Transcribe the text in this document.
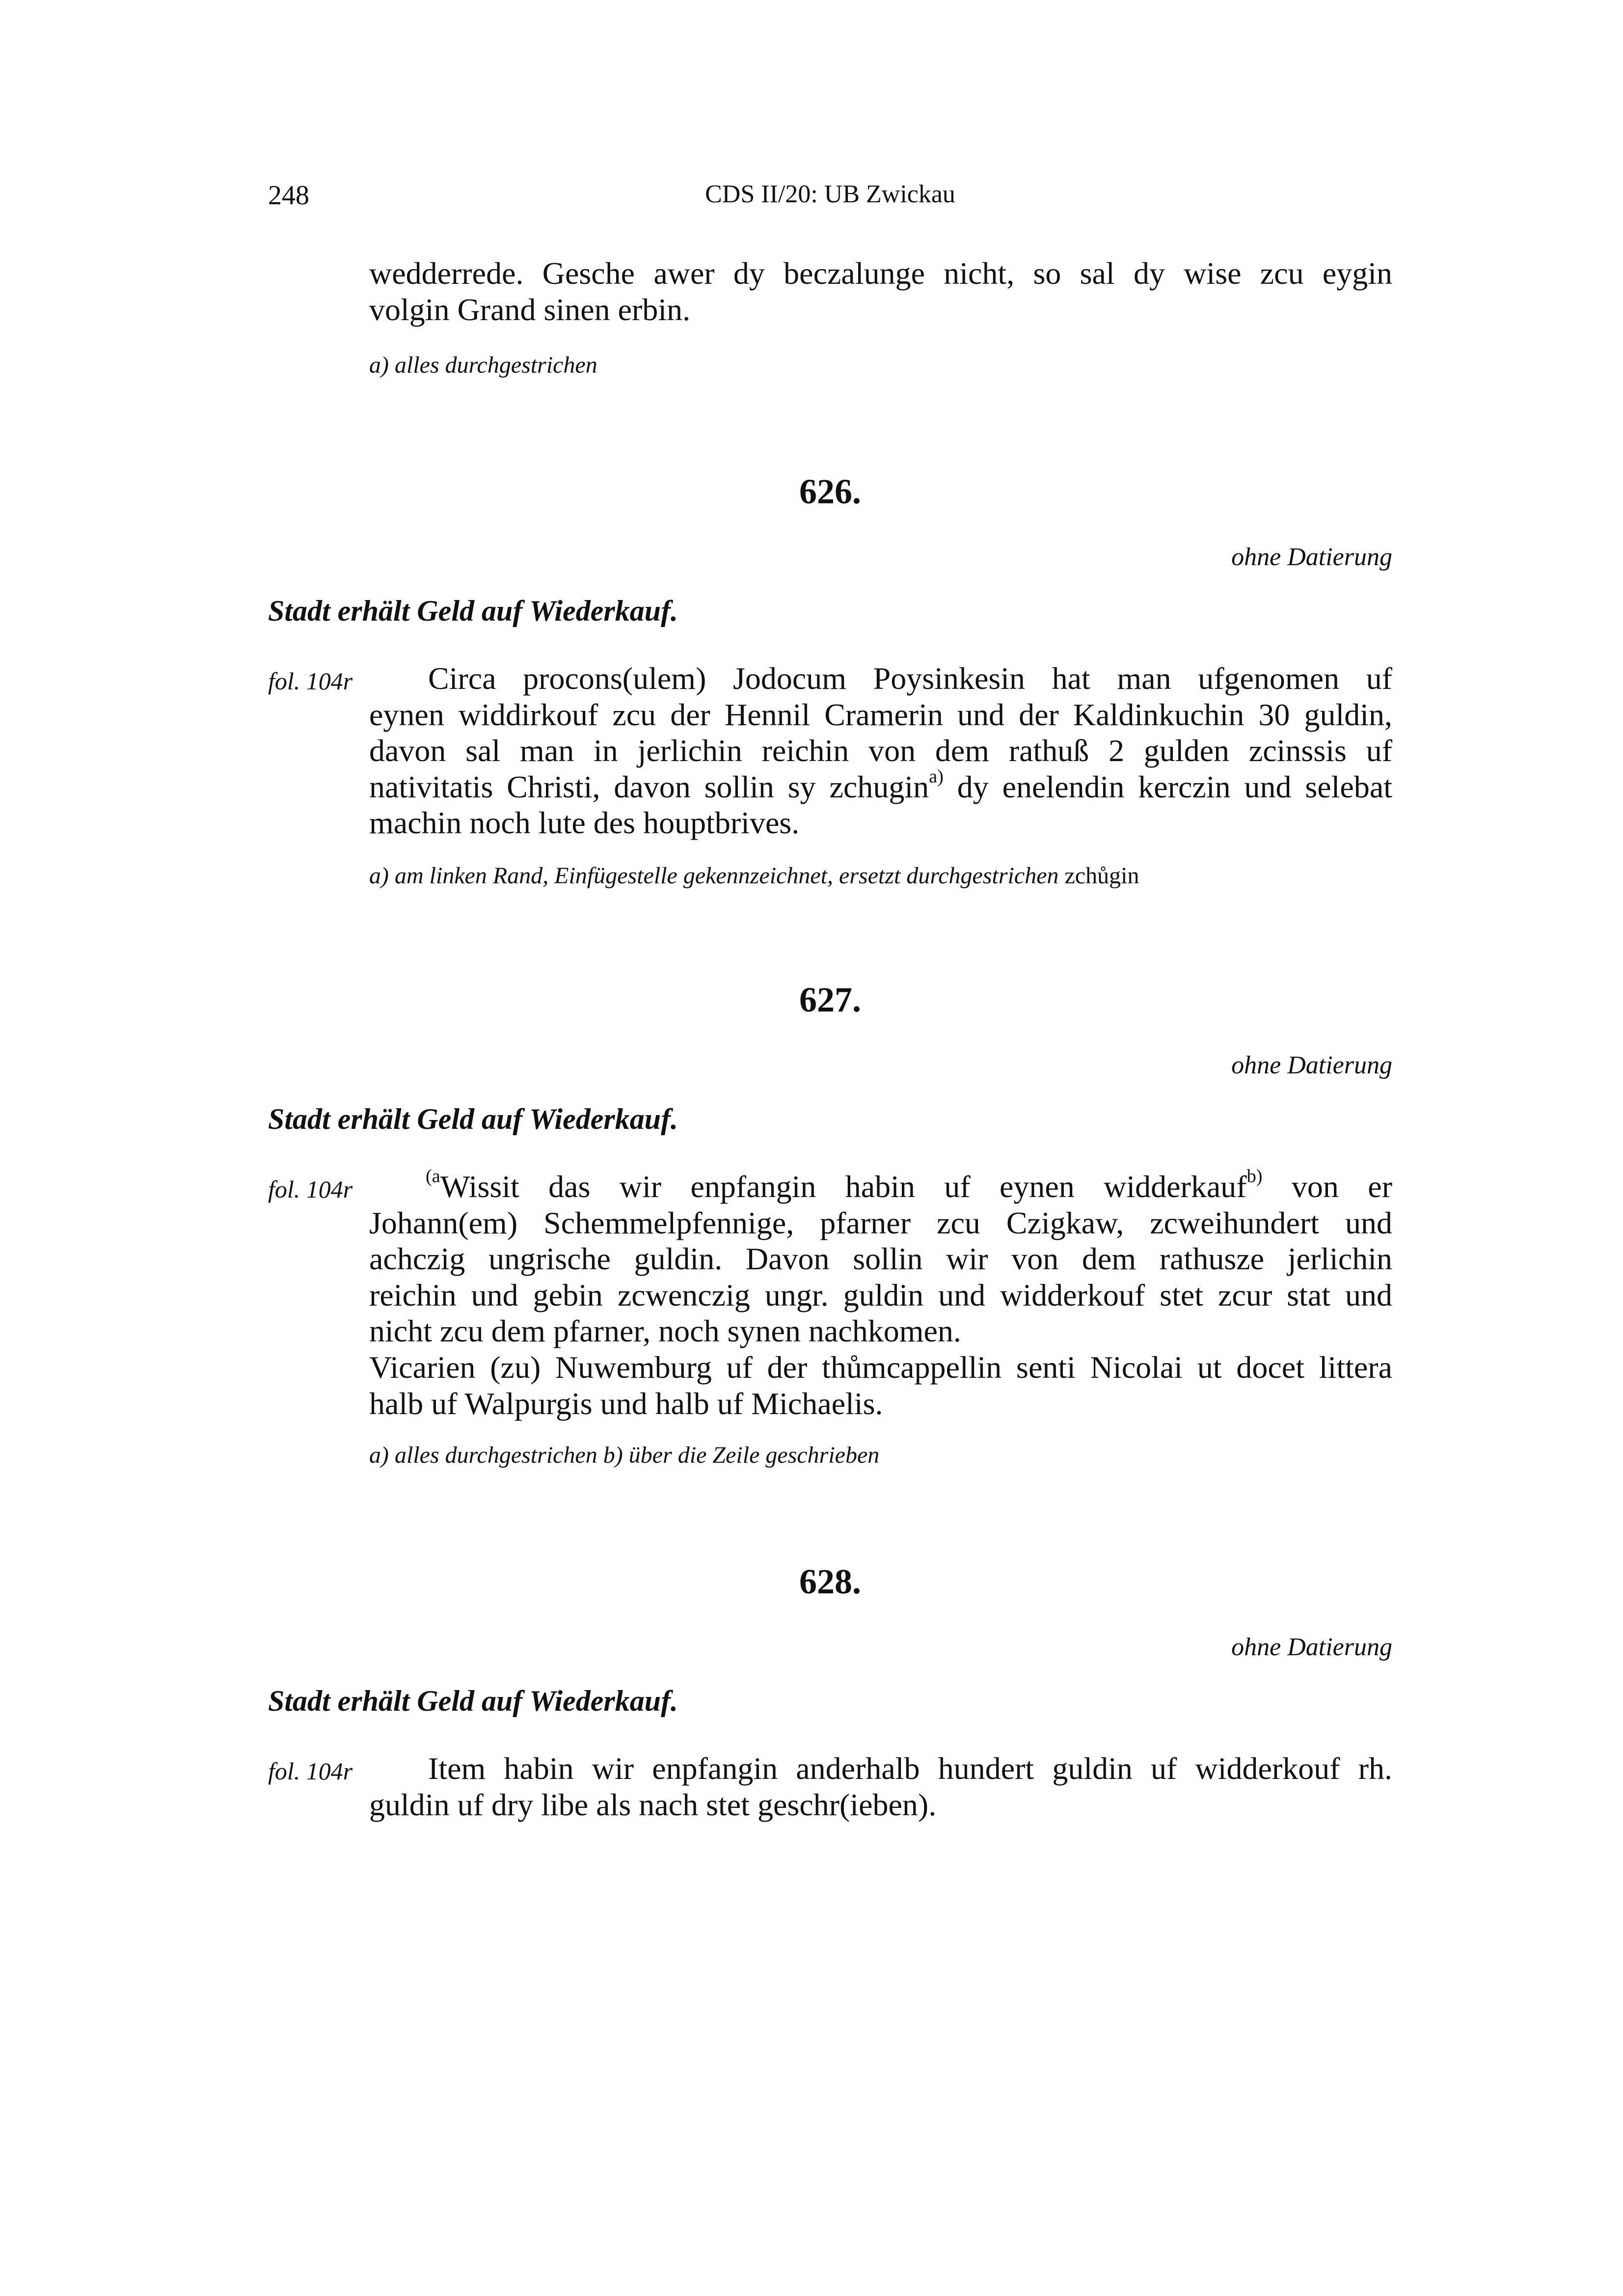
248	CDS II/20: UB Zwickau

wedderrede. Gesche awer dy beczalunge nicht, so sal dy wise zcu eygin
volgin Grand sinen erbin.

a) alles durchgestrichen

626.
ohne Datierung
Stadt erhält Geld auf Wiederkauf.
fol. 104r	Circa procons(ulem) Jodocum Poysinkesin hat man ufgenomen uf
eynen widdirkouf zcu der Hennil Cramerin und der Kaldinkuchin 30 guldin,
davon sal man in jerlichin reichin von dem rathuß 2 gulden zcinssis uf
nativitatis Christi, davon sollin sy zchugin$^{a)}$ dy enelendin kerczin und selebat
machin noch lute des houptbrives.

a) am linken Rand, Einfügestelle gekennzeichnet, ersetzt durchgestrichen zchůgin

627.
ohne Datierung
Stadt erhält Geld auf Wiederkauf.
fol. 104r	$^{(a}$Wissit das wir enpfangin habin uf eynen widderkauf$^{b)}$ von er
Johann(em) Schemmelpfennige, pfarner zcu Czigkaw, zcweihundert und
achczig ungrische guldin. Davon sollin wir von dem rathusze jerlichin
reichin und gebin zcwenczig ungr. guldin und widderkouf stet zcur stat und
nicht zcu dem pfarner, noch synen nachkomen.
Vicarien (zu) Nuwemburg uf der thůmcappellin senti Nicolai ut docet littera
halb uf Walpurgis und halb uf Michaelis.

a) alles durchgestrichen b) über die Zeile geschrieben

628.
ohne Datierung
Stadt erhält Geld auf Wiederkauf.
fol. 104r	Item habin wir enpfangin anderhalb hundert guldin uf widderkouf rh.
guldin uf dry libe als nach stet geschr(ieben).
